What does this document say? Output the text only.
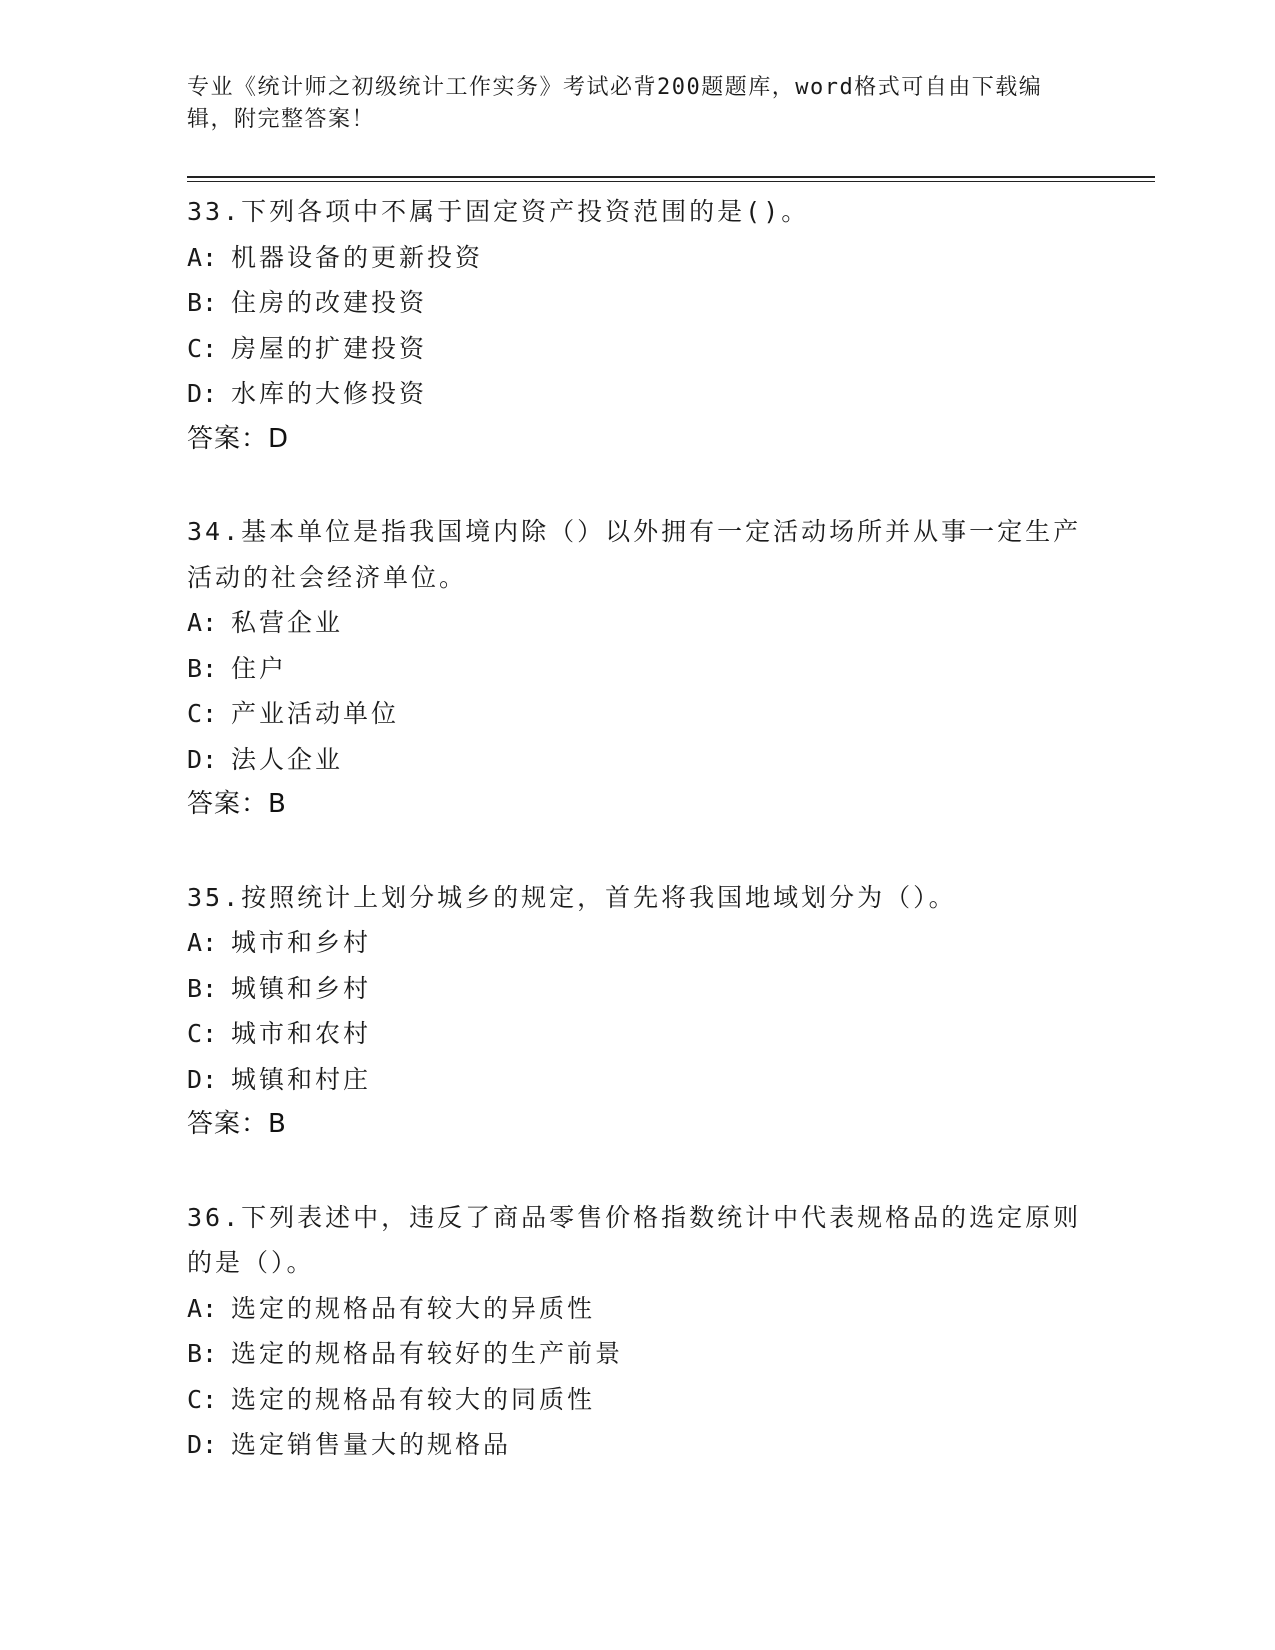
专业《统计师之初级统计工作实务》考试必背200题题库，word格式可自由下载编辑，附完整答案！
33.下列各项中不属于固定资产投资范围的是()。
A: 机器设备的更新投资
B: 住房的改建投资
C: 房屋的扩建投资
D: 水库的大修投资
答案：D
34.基本单位是指我国境内除（）以外拥有一定活动场所并从事一定生产活动的社会经济单位。
A: 私营企业
B: 住户
C: 产业活动单位
D: 法人企业
答案：B
35.按照统计上划分城乡的规定，首先将我国地域划分为（）。
A: 城市和乡村
B: 城镇和乡村
C: 城市和农村
D: 城镇和村庄
答案：B
36.下列表述中，违反了商品零售价格指数统计中代表规格品的选定原则的是（）。
A: 选定的规格品有较大的异质性
B: 选定的规格品有较好的生产前景
C: 选定的规格品有较大的同质性
D: 选定销售量大的规格品
